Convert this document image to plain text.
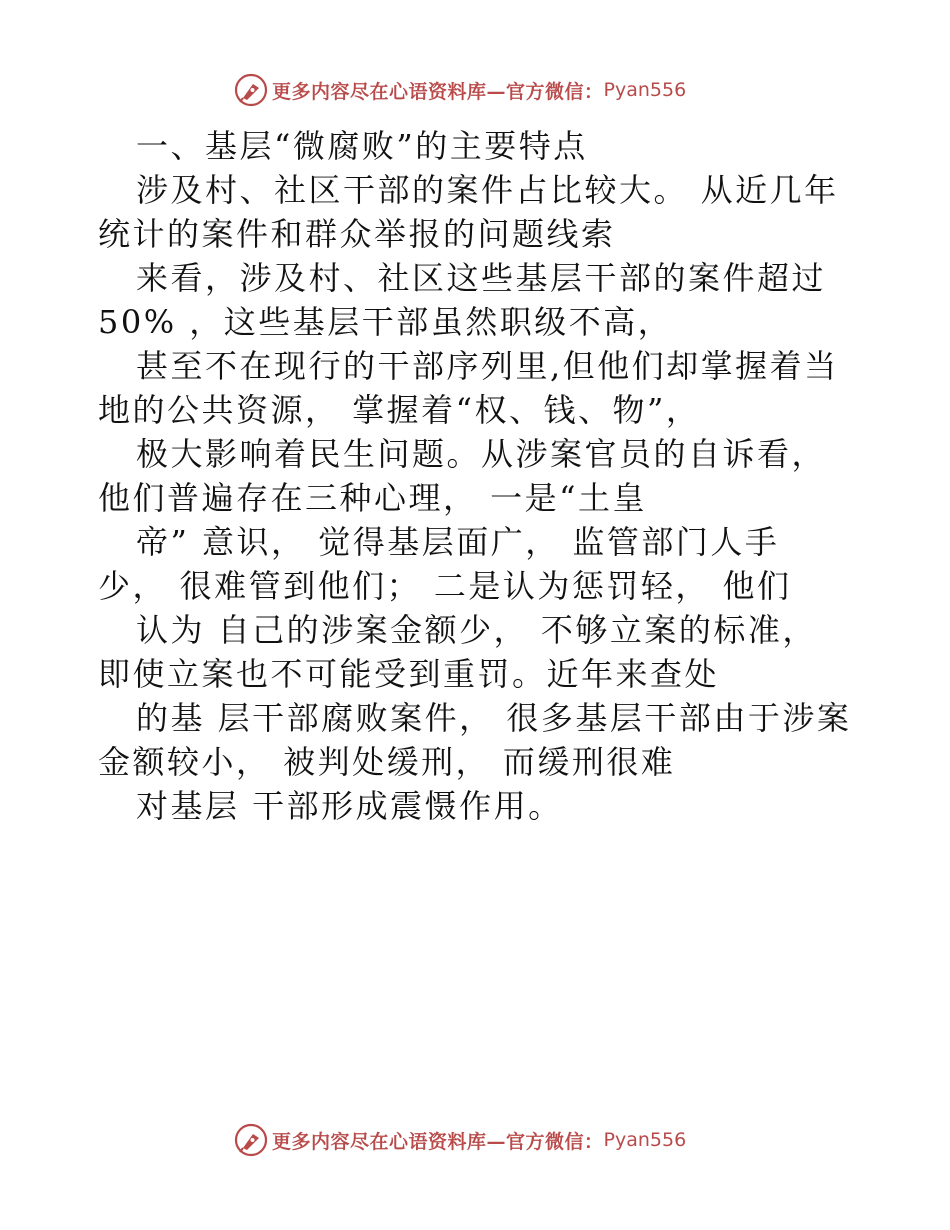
更多内容尽在心语资料库—官方微信： Pyan556
一、基层“微腐败”的主要特点
涉及村、社区干部的案件占比较大。 从近几年
统计的案件和群众举报的问题线索
来看，涉及村、社区这些基层干部的案件超过
50% ，这些基层干部虽然职级不高，
甚至不在现行的干部序列里,但他们却掌握着当
地的公共资源， 掌握着“权、钱、物”，
极大影响着民生问题。从涉案官员的自诉看，
他们普遍存在三种心理， 一是“土皇
帝” 意识， 觉得基层面广， 监管部门人手
少， 很难管到他们； 二是认为惩罚轻， 他们
认为 自己的涉案金额少， 不够立案的标准，
即使立案也不可能受到重罚。近年来查处
的基 层干部腐败案件， 很多基层干部由于涉案
金额较小， 被判处缓刑， 而缓刑很难
对基层 干部形成震慑作用。
更多内容尽在心语资料库—官方微信： Pyan556
